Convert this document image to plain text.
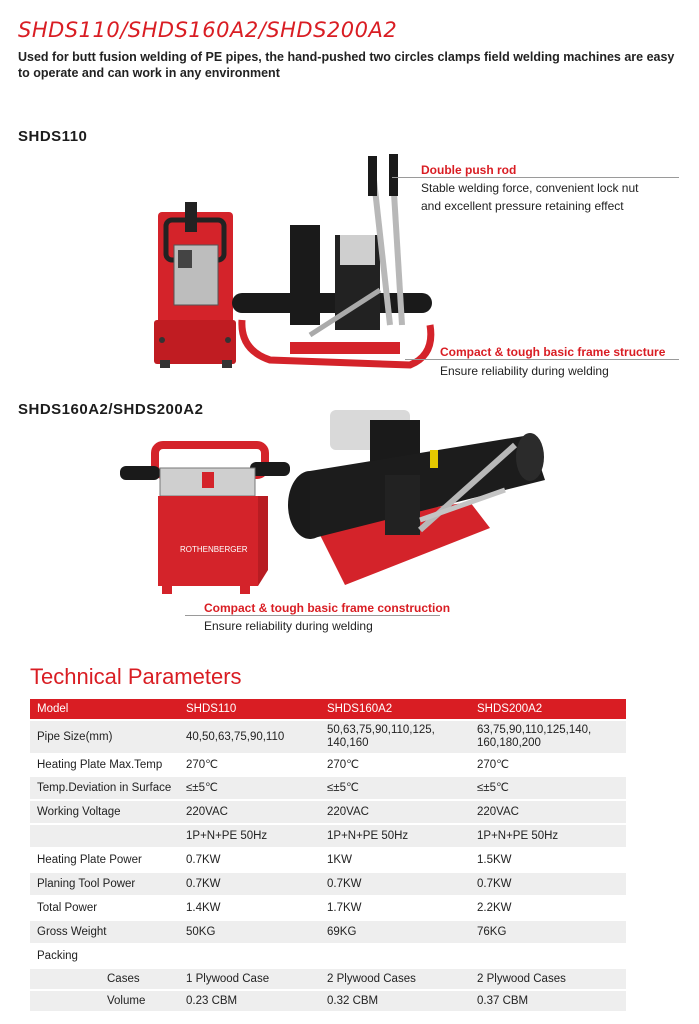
SHDS110/SHDS160A2/SHDS200A2
Used for butt fusion welding of PE pipes, the hand-pushed two circles clamps field welding machines are easy to operate and can work in any environment
SHDS110
Double push rod
Stable welding force, convenient lock nut
and excellent pressure retaining effect
Compact & tough basic frame structure
Ensure reliability during welding
SHDS160A2/SHDS200A2
ROTHENBERGER
Compact & tough basic frame construction
Ensure reliability during welding
Technical Parameters
Model	SHDS110	SHDS160A2	SHDS200A2
Pipe Size(mm)	40,50,63,75,90,110	50,63,75,90,110,125, 140,160	63,75,90,110,125,140, 160,180,200
Heating Plate Max.Temp	270℃	270℃	270℃
Temp.Deviation in Surface	≤±5℃	≤±5℃	≤±5℃
Working Voltage	220VAC	220VAC	220VAC
	1P+N+PE 50Hz	1P+N+PE 50Hz	1P+N+PE 50Hz
Heating Plate Power	0.7KW	1KW	1.5KW
Planing Tool Power	0.7KW	0.7KW	0.7KW
Total Power	1.4KW	1.7KW	2.2KW
Gross Weight	50KG	69KG	76KG
Packing			
Cases	1 Plywood Case	2 Plywood Cases	2 Plywood Cases
Volume	0.23 CBM	0.32 CBM	0.37 CBM
